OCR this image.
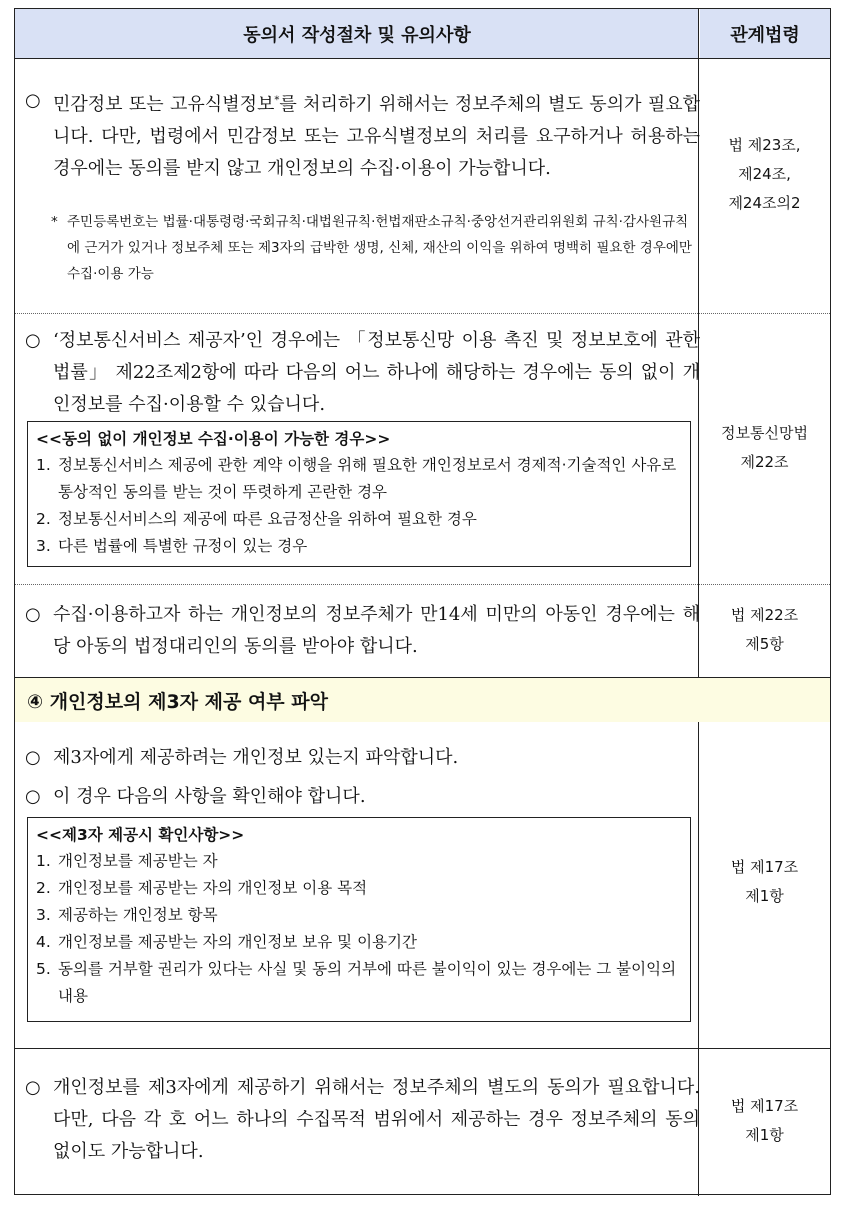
동의서 작성절차 및 유의사항	관계법령
○ 민감정보 또는 고유식별정보*를 처리하기 위해서는 정보주체의 별도 동의가 필요합니다. 다만, 법령에서 민감정보 또는 고유식별정보의 처리를 요구하거나 허용하는 경우에는 동의를 받지 않고 개인정보의 수집·이용이 가능합니다.
* 주민등록번호는 법률·대통령령·국회규칙·대법원규칙·헌법재판소규칙·중앙선거관리위원회 규칙·감사원규칙에 근거가 있거나 정보주체 또는 제3자의 급박한 생명, 신체, 재산의 이익을 위하여 명백히 필요한 경우에만 수집·이용 가능
법 제23조,
제24조,
제24조의2
○ ‘정보통신서비스 제공자’인 경우에는 「정보통신망 이용 촉진 및 정보보호에 관한 법률」 제22조제2항에 따라 다음의 어느 하나에 해당하는 경우에는 동의 없이 개인정보를 수집·이용할 수 있습니다.
<<동의 없이 개인정보 수집·이용이 가능한 경우>>
1. 정보통신서비스 제공에 관한 계약 이행을 위해 필요한 개인정보로서 경제적·기술적인 사유로 통상적인 동의를 받는 것이 뚜렷하게 곤란한 경우
2. 정보통신서비스의 제공에 따른 요금정산을 위하여 필요한 경우
3. 다른 법률에 특별한 규정이 있는 경우
정보통신망법
제22조
○ 수집·이용하고자 하는 개인정보의 정보주체가 만14세 미만의 아동인 경우에는 해당 아동의 법정대리인의 동의를 받아야 합니다.
법 제22조
제5항
④ 개인정보의 제3자 제공 여부 파악
○ 제3자에게 제공하려는 개인정보 있는지 파악합니다.
○ 이 경우 다음의 사항을 확인해야 합니다.
<<제3자 제공시 확인사항>>
1. 개인정보를 제공받는 자
2. 개인정보를 제공받는 자의 개인정보 이용 목적
3. 제공하는 개인정보 항목
4. 개인정보를 제공받는 자의 개인정보 보유 및 이용기간
5. 동의를 거부할 권리가 있다는 사실 및 동의 거부에 따른 불이익이 있는 경우에는 그 불이익의 내용
법 제17조
제1항
○ 개인정보를 제3자에게 제공하기 위해서는 정보주체의 별도의 동의가 필요합니다. 다만, 다음 각 호 어느 하나의 수집목적 범위에서 제공하는 경우 정보주체의 동의 없이도 가능합니다.
법 제17조
제1항
